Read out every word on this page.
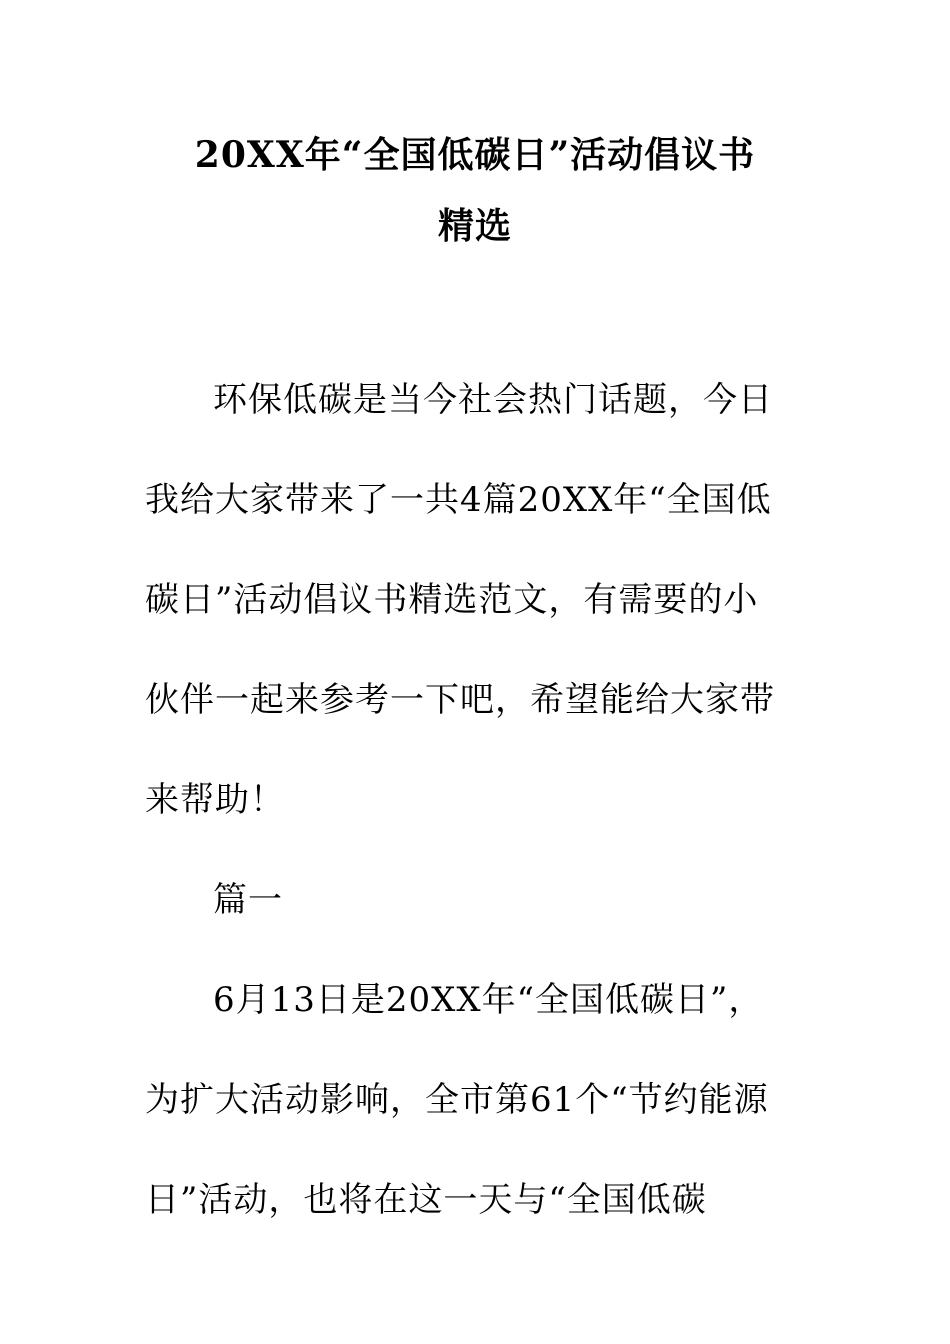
20XX年“全国低碳日”活动倡议书
精选
环保低碳是当今社会热门话题，今日
我给大家带来了一共4篇20XX年“全国低
碳日”活动倡议书精选范文，有需要的小
伙伴一起来参考一下吧，希望能给大家带
来帮助！
篇一
6月13日是20XX年“全国低碳日”，
为扩大活动影响，全市第61个“节约能源
日”活动，也将在这一天与“全国低碳
